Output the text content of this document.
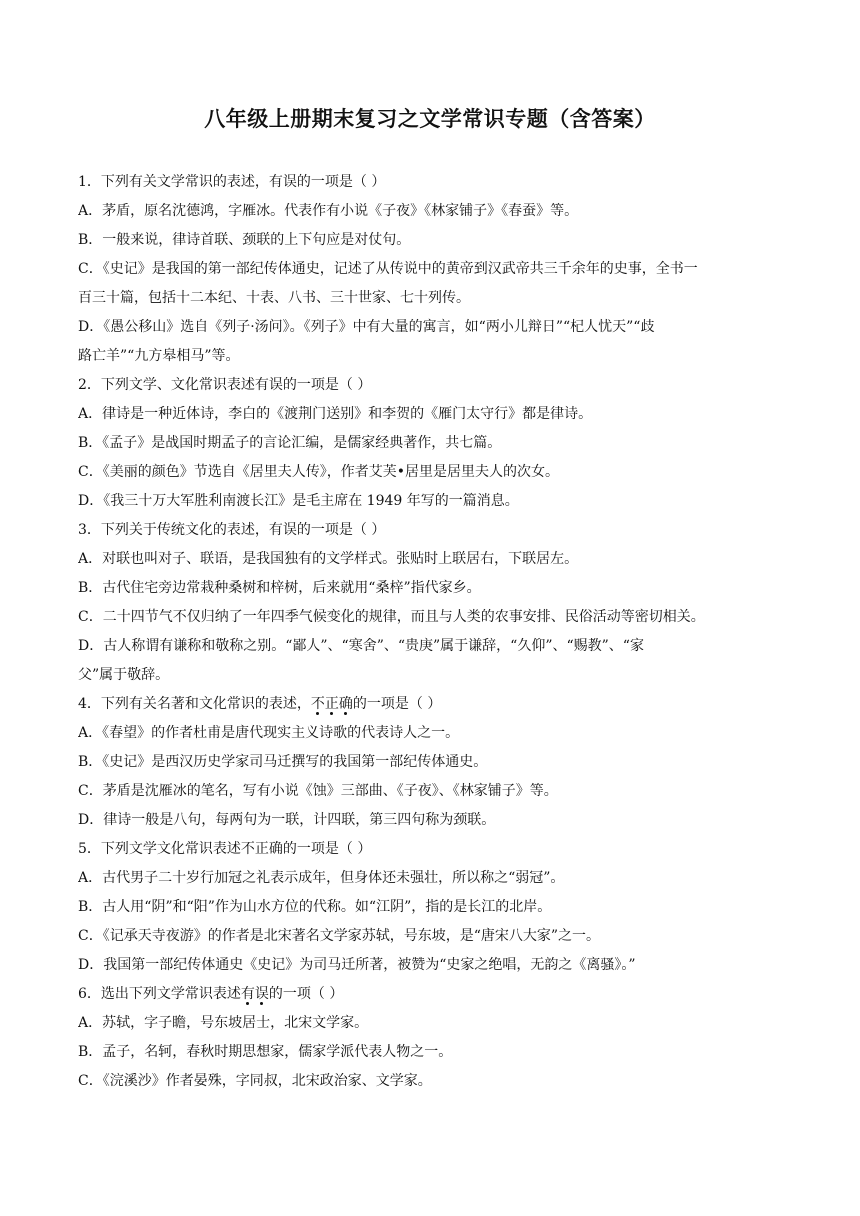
八年级上册期末复习之文学常识专题（含答案）
1．下列有关文学常识的表述，有误的一项是（ ）
A．茅盾，原名沈德鸿，字雁冰。代表作有小说《子夜》《林家铺子》《春蚕》等。
B．一般来说，律诗首联、颈联的上下句应是对仗句。
C．《史记》是我国的第一部纪传体通史，记述了从传说中的黄帝到汉武帝共三千余年的史事，全书一
百三十篇，包括十二本纪、十表、八书、三十世家、七十列传。
D．《愚公移山》选自《列子·汤问》。《列子》中有大量的寓言，如“两小儿辩日”“杞人忧天”“歧
路亡羊”“九方皋相马”等。
2．下列文学、文化常识表述有误的一项是（ ）
A．律诗是一种近体诗，李白的《渡荆门送别》和李贺的《雁门太守行》都是律诗。
B．《孟子》是战国时期孟子的言论汇编，是儒家经典著作，共七篇。
C．《美丽的颜色》节选自《居里夫人传》，作者艾芙•居里是居里夫人的次女。
D．《我三十万大军胜利南渡长江》是毛主席在 1949 年写的一篇消息。
3．下列关于传统文化的表述，有误的一项是（ ）
A．对联也叫对子、联语，是我国独有的文学样式。张贴时上联居右，下联居左。
B．古代住宅旁边常栽种桑树和梓树，后来就用“桑梓”指代家乡。
C．二十四节气不仅归纳了一年四季气候变化的规律，而且与人类的农事安排、民俗活动等密切相关。
D．古人称谓有谦称和敬称之别。“鄙人”、“寒舍”、“贵庚”属于谦辞，“久仰”、“赐教”、“家
父”属于敬辞。
4．下列有关名著和文化常识的表述，不正确的一项是（ ）
A．《春望》的作者杜甫是唐代现实主义诗歌的代表诗人之一。
B．《史记》是西汉历史学家司马迁撰写的我国第一部纪传体通史。
C．茅盾是沈雁冰的笔名，写有小说《蚀》三部曲、《子夜》、《林家铺子》等。
D．律诗一般是八句，每两句为一联，计四联，第三四句称为颈联。
5．下列文学文化常识表述不正确的一项是（ ）
A．古代男子二十岁行加冠之礼表示成年，但身体还未强壮，所以称之“弱冠”。
B．古人用“阴”和“阳”作为山水方位的代称。如“江阴”，指的是长江的北岸。
C．《记承天寺夜游》的作者是北宋著名文学家苏轼，号东坡，是“唐宋八大家”之一。
D．我国第一部纪传体通史《史记》为司马迁所著，被赞为“史家之绝唱，无韵之《离骚》。”
6．选出下列文学常识表述有误的一项（ ）
A．苏轼，字子瞻，号东坡居士，北宋文学家。
B．孟子，名轲，春秋时期思想家，儒家学派代表人物之一。
C．《浣溪沙》作者晏殊，字同叔，北宋政治家、文学家。
